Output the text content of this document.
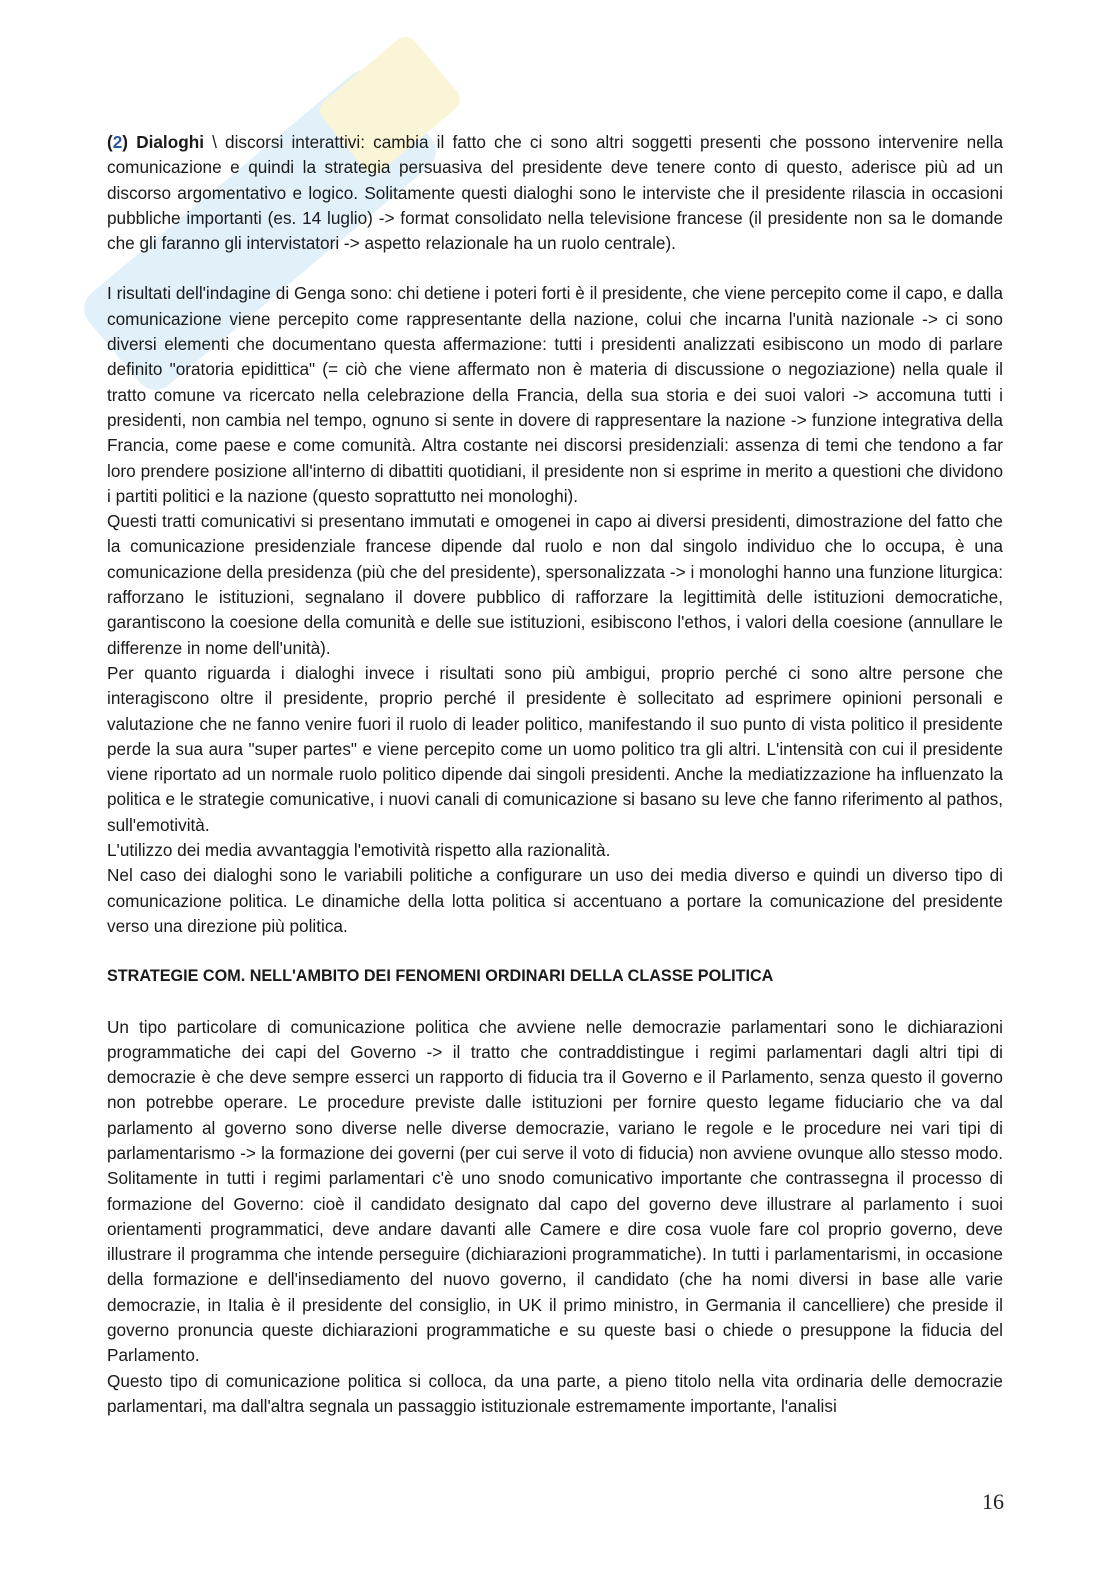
(2) Dialoghi \ discorsi interattivi: cambia il fatto che ci sono altri soggetti presenti che possono intervenire nella comunicazione e quindi la strategia persuasiva del presidente deve tenere conto di questo, aderisce più ad un discorso argomentativo e logico. Solitamente questi dialoghi sono le interviste che il presidente rilascia in occasioni pubbliche importanti (es. 14 luglio) -> format consolidato nella televisione francese (il presidente non sa le domande che gli faranno gli intervistatori -> aspetto relazionale ha un ruolo centrale).

I risultati dell'indagine di Genga sono: chi detiene i poteri forti è il presidente, che viene percepito come il capo, e dalla comunicazione viene percepito come rappresentante della nazione, colui che incarna l'unità nazionale -> ci sono diversi elementi che documentano questa affermazione: tutti i presidenti analizzati esibiscono un modo di parlare definito "oratoria epidittica" (= ciò che viene affermato non è materia di discussione o negoziazione) nella quale il tratto comune va ricercato nella celebrazione della Francia, della sua storia e dei suoi valori -> accomuna tutti i presidenti, non cambia nel tempo, ognuno si sente in dovere di rappresentare la nazione -> funzione integrativa della Francia, come paese e come comunità. Altra costante nei discorsi presidenziali: assenza di temi che tendono a far loro prendere posizione all'interno di dibattiti quotidiani, il presidente non si esprime in merito a questioni che dividono i partiti politici e la nazione (questo soprattutto nei monologhi).

Questi tratti comunicativi si presentano immutati e omogenei in capo ai diversi presidenti, dimostrazione del fatto che la comunicazione presidenziale francese dipende dal ruolo e non dal singolo individuo che lo occupa, è una comunicazione della presidenza (più che del presidente), spersonalizzata -> i monologhi hanno una funzione liturgica: rafforzano le istituzioni, segnalano il dovere pubblico di rafforzare la legittimità delle istituzioni democratiche, garantiscono la coesione della comunità e delle sue istituzioni, esibiscono l'ethos, i valori della coesione (annullare le differenze in nome dell'unità).

Per quanto riguarda i dialoghi invece i risultati sono più ambigui, proprio perché ci sono altre persone che interagiscono oltre il presidente, proprio perché il presidente è sollecitato ad esprimere opinioni personali e valutazione che ne fanno venire fuori il ruolo di leader politico, manifestando il suo punto di vista politico il presidente perde la sua aura "super partes" e viene percepito come un uomo politico tra gli altri. L'intensità con cui il presidente viene riportato ad un normale ruolo politico dipende dai singoli presidenti. Anche la mediatizzazione ha influenzato la politica e le strategie comunicative, i nuovi canali di comunicazione si basano su leve che fanno riferimento al pathos, sull'emotività.

L'utilizzo dei media avvantaggia l'emotività rispetto alla razionalità.

Nel caso dei dialoghi sono le variabili politiche a configurare un uso dei media diverso e quindi un diverso tipo di comunicazione politica. Le dinamiche della lotta politica si accentuano a portare la comunicazione del presidente verso una direzione più politica.

STRATEGIE COM. NELL'AMBITO DEI FENOMENI ORDINARI DELLA CLASSE POLITICA

Un tipo particolare di comunicazione politica che avviene nelle democrazie parlamentari sono le dichiarazioni programmatiche dei capi del Governo -> il tratto che contraddistingue i regimi parlamentari dagli altri tipi di democrazie è che deve sempre esserci un rapporto di fiducia tra il Governo e il Parlamento, senza questo il governo non potrebbe operare. Le procedure previste dalle istituzioni per fornire questo legame fiduciario che va dal parlamento al governo sono diverse nelle diverse democrazie, variano le regole e le procedure nei vari tipi di parlamentarismo -> la formazione dei governi (per cui serve il voto di fiducia) non avviene ovunque allo stesso modo. Solitamente in tutti i regimi parlamentari c'è uno snodo comunicativo importante che contrassegna il processo di formazione del Governo: cioè il candidato designato dal capo del governo deve illustrare al parlamento i suoi orientamenti programmatici, deve andare davanti alle Camere e dire cosa vuole fare col proprio governo, deve illustrare il programma che intende perseguire (dichiarazioni programmatiche). In tutti i parlamentarismi, in occasione della formazione e dell'insediamento del nuovo governo, il candidato (che ha nomi diversi in base alle varie democrazie, in Italia è il presidente del consiglio, in UK il primo ministro, in Germania il cancelliere) che preside il governo pronuncia queste dichiarazioni programmatiche e su queste basi o chiede o presuppone la fiducia del Parlamento.

Questo tipo di comunicazione politica si colloca, da una parte, a pieno titolo nella vita ordinaria delle democrazie parlamentari, ma dall'altra segnala un passaggio istituzionale estremamente importante, l'analisi

16
